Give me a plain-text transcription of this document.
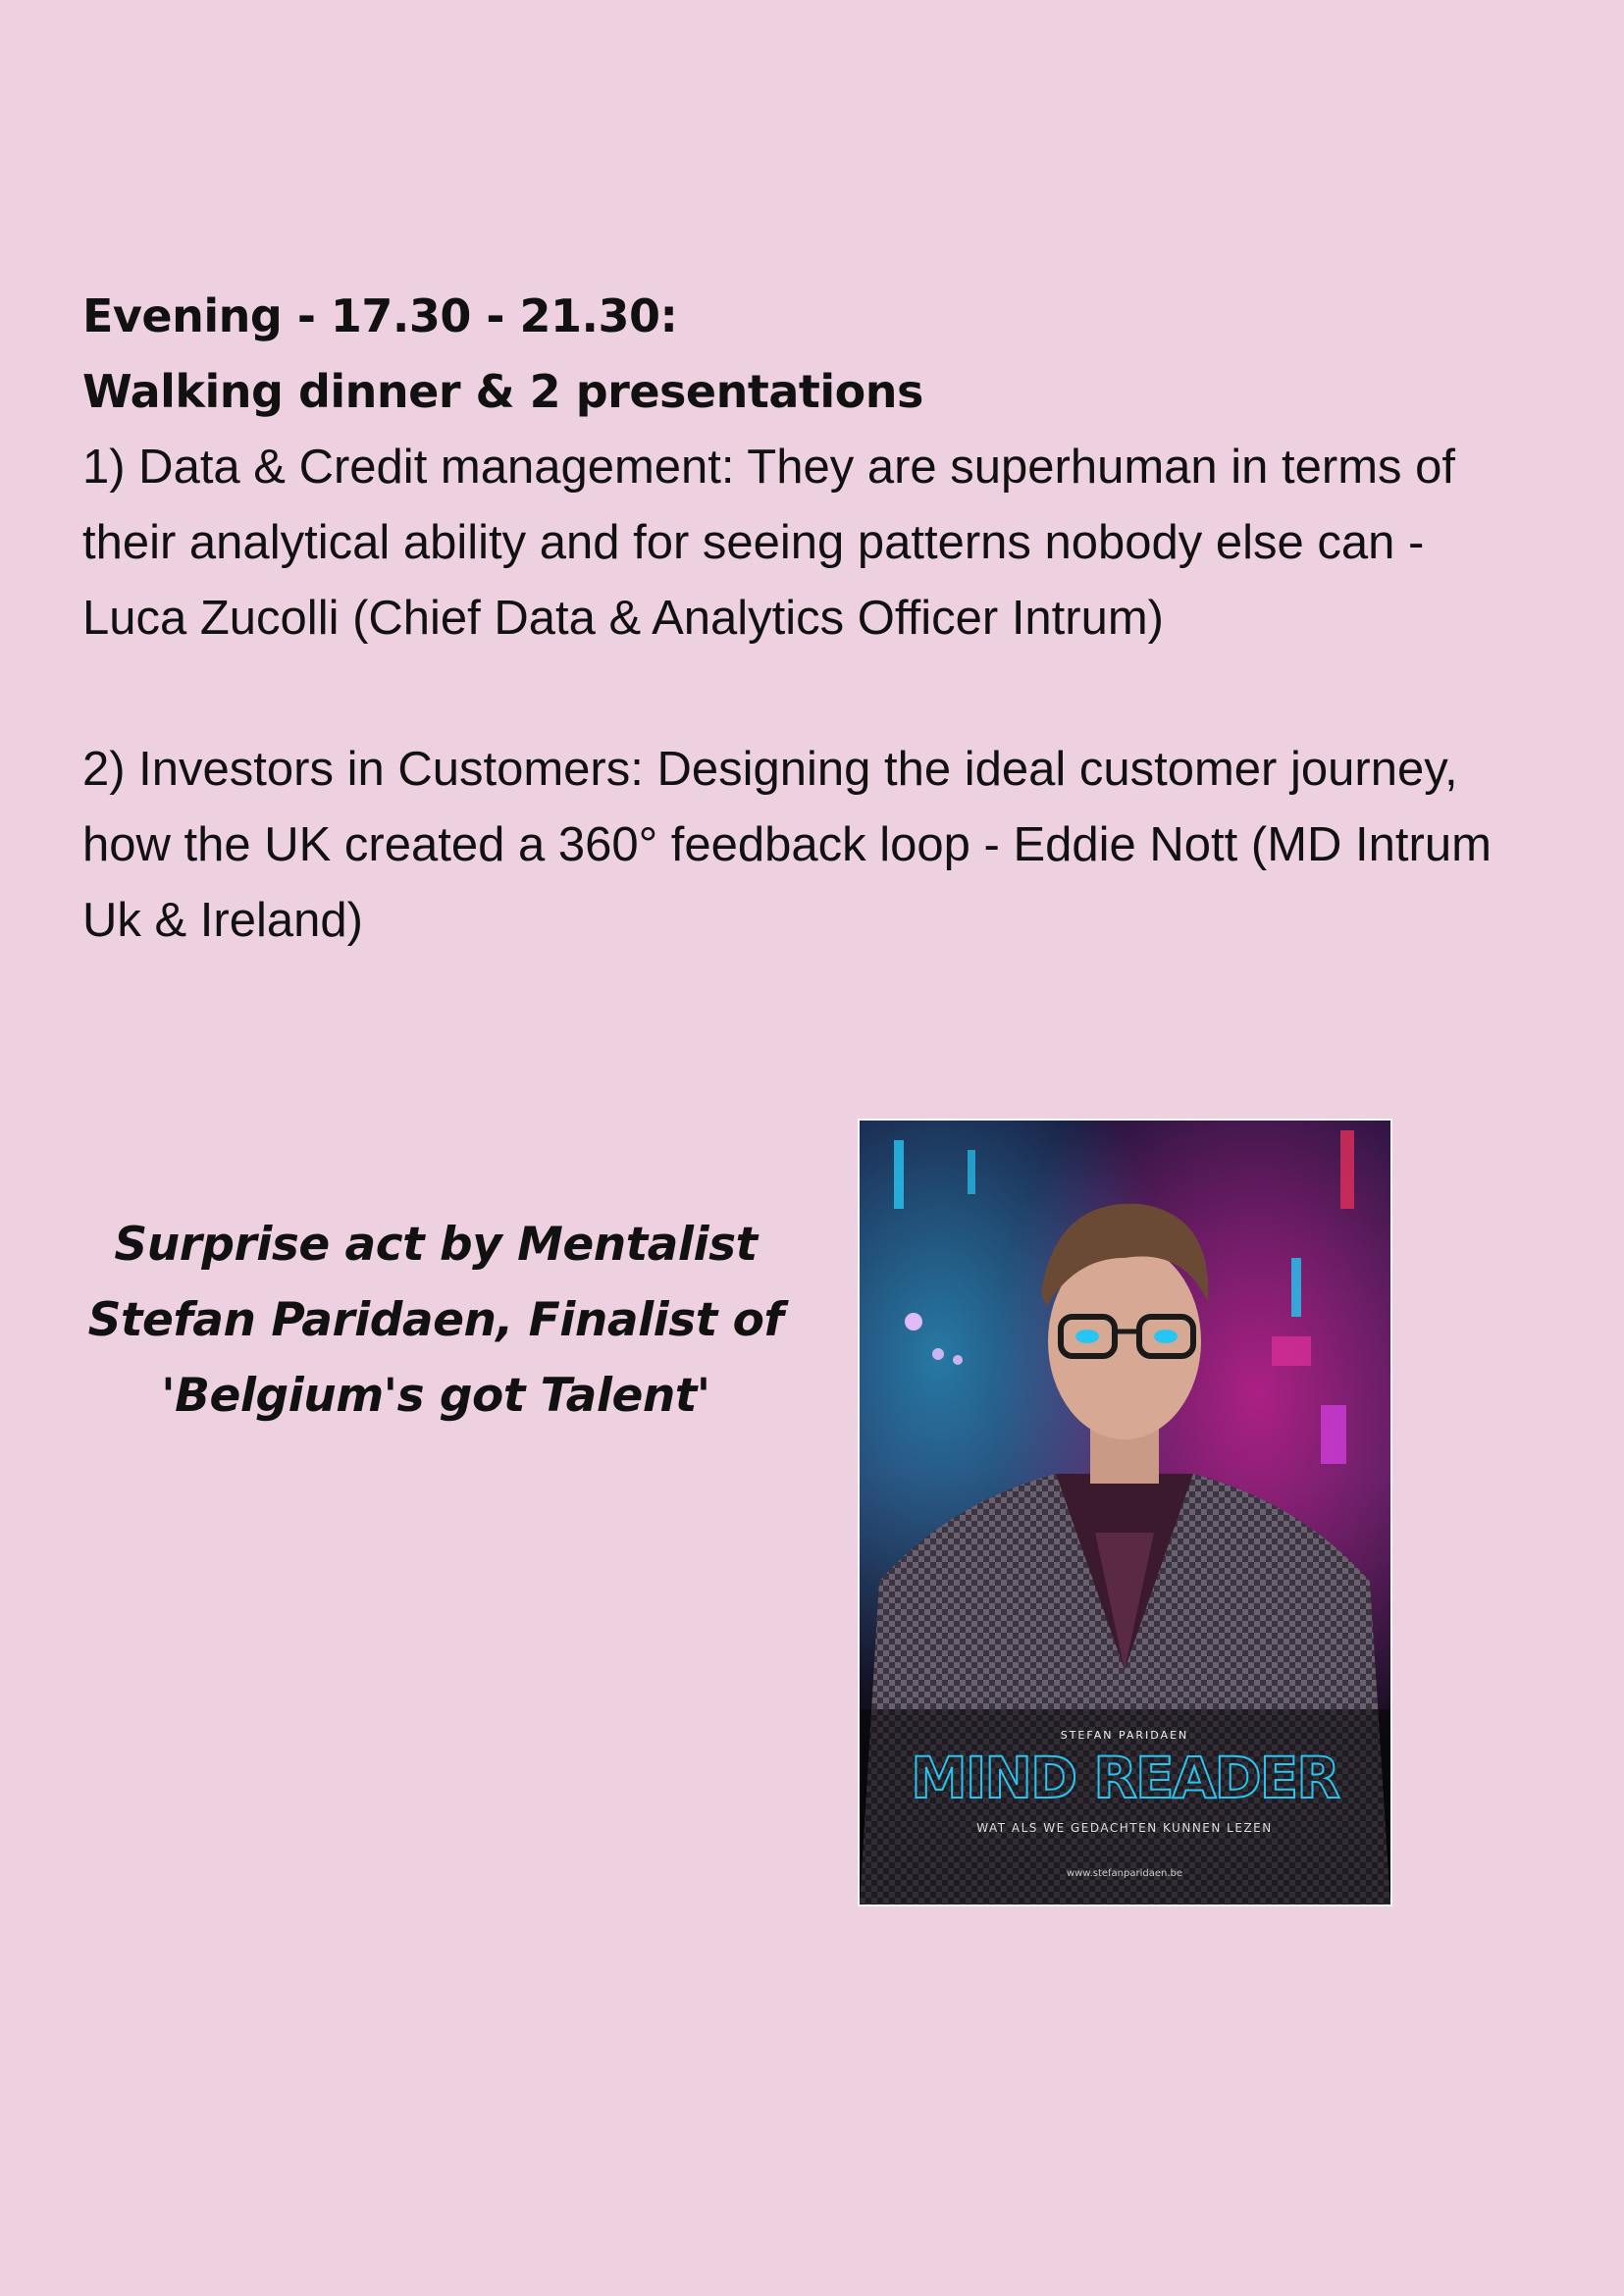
Evening - 17.30 - 21.30:

Walking dinner & 2 presentations

1) Data & Credit management: They are superhuman in terms of their analytical ability and for seeing patterns nobody else can - Luca Zucolli (Chief Data & Analytics Officer Intrum)

2) Investors in Customers: Designing the ideal customer journey, how the UK created a 360° feedback loop - Eddie Nott (MD Intrum Uk & Ireland)

Surprise act by Mentalist
Stefan Paridaen, Finalist of
'Belgium's got Talent'
STEFAN PARIDAEN
MIND READER
WAT ALS WE GEDACHTEN KUNNEN LEZEN
www.stefanparidaen.be
